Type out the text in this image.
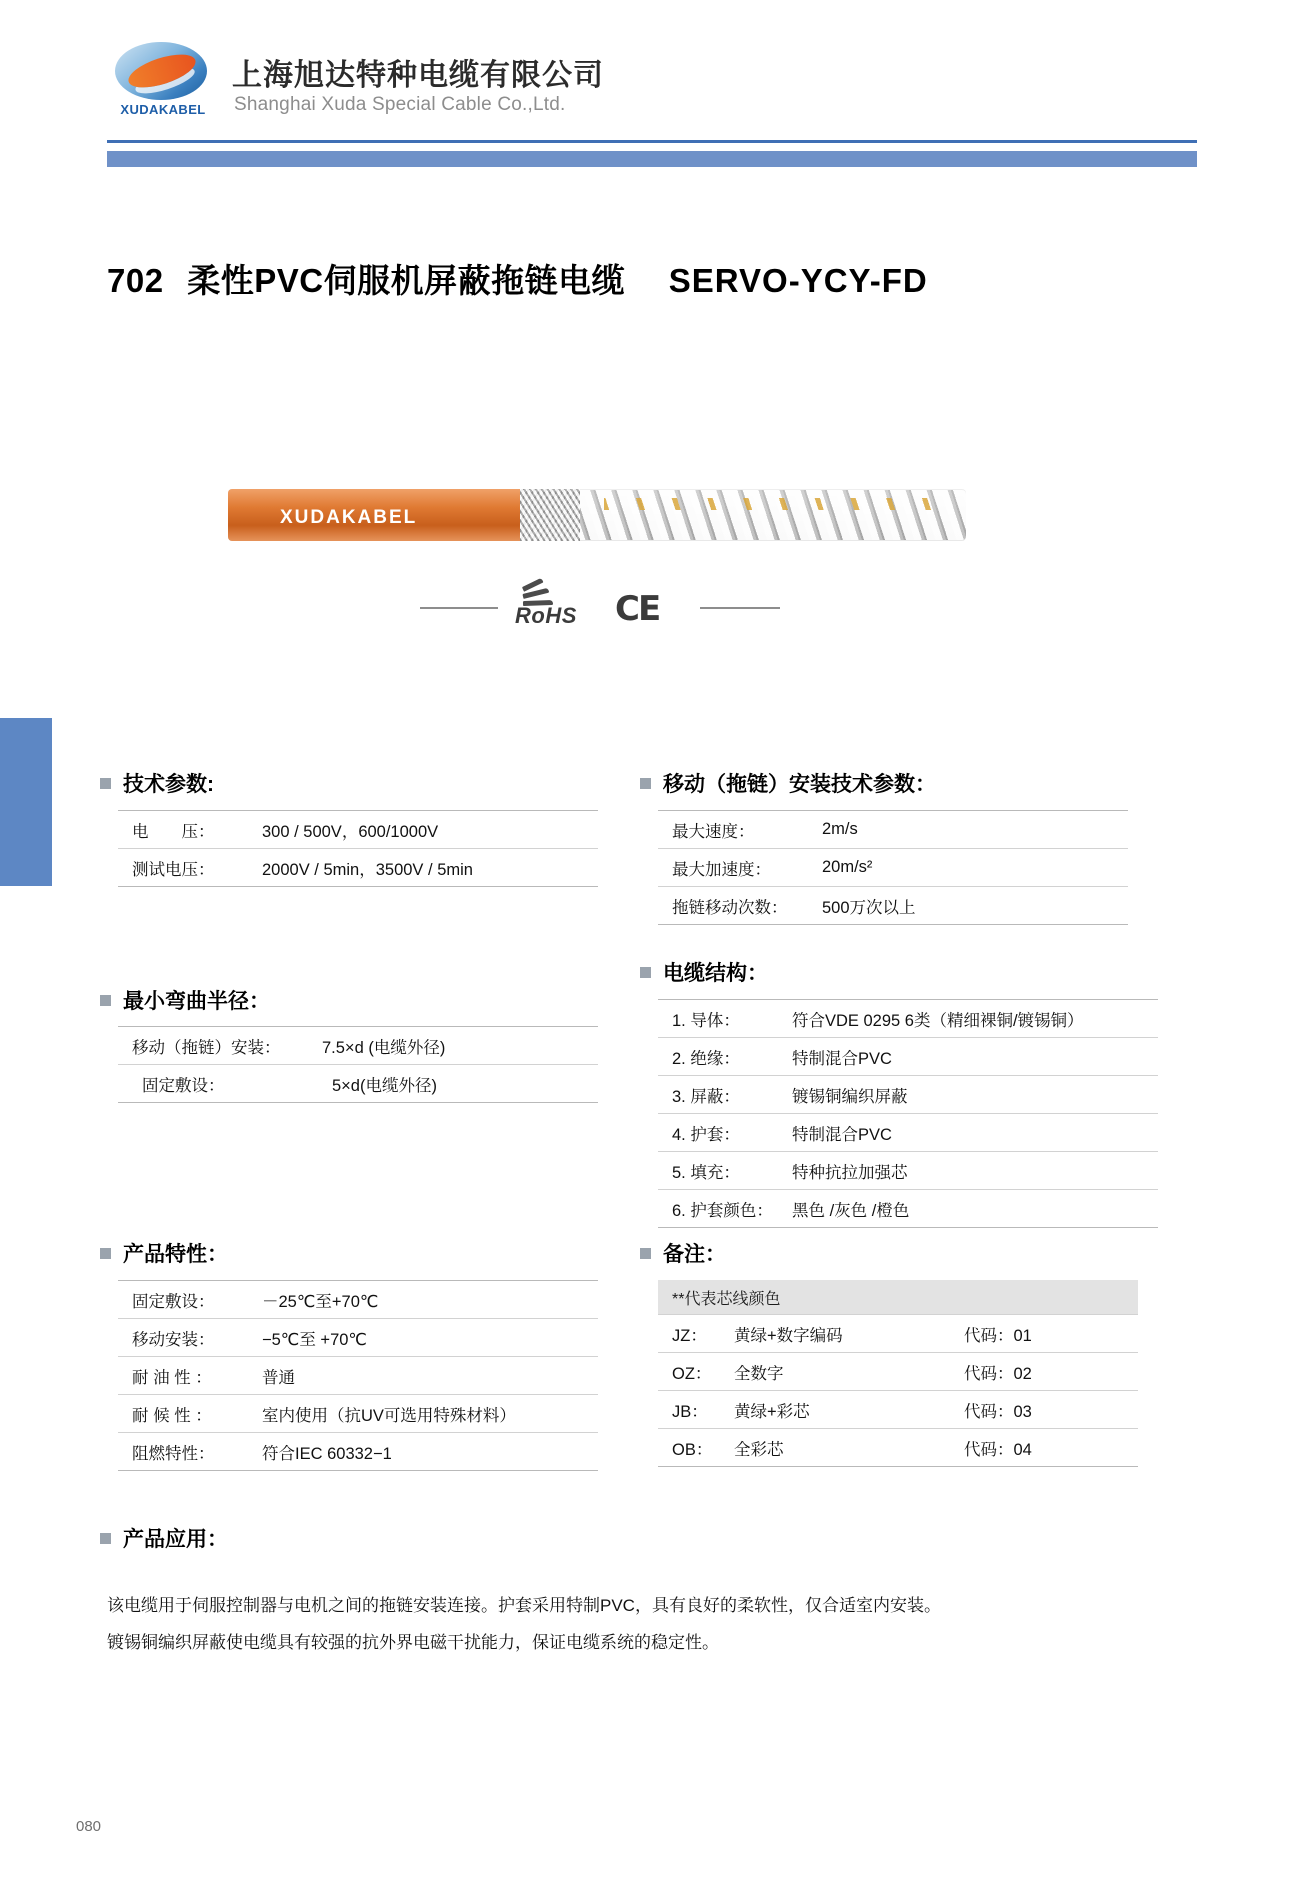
XUDAKABEL
上海旭达特种电缆有限公司
Shanghai Xuda Special Cable Co.,Ltd.
702 柔性PVC伺服机屏蔽拖链电缆 SERVO-YCY-FD
XUDAKABEL
RoHS CE
技术参数:
电　　压：	300 / 500V，600/1000V
测试电压：	2000V / 5min，3500V / 5min
最小弯曲半径：
移动（拖链）安装：	7.5×d (电缆外径)
固定敷设：	5×d(电缆外径)
产品特性：
固定敷设：	－25℃至+70℃
移动安装：	−5℃至 +70℃
耐 油 性 ：	普通
耐 候 性 ：	室内使用（抗UV可选用特殊材料）
阻燃特性：	符合IEC 60332−1
移动（拖链）安装技术参数：
最大速度：	2m/s
最大加速度：	20m/s²
拖链移动次数：	500万次以上
电缆结构：
1. 导体：	符合VDE 0295 6类（精细裸铜/镀锡铜）
2. 绝缘：	特制混合PVC
3. 屏蔽：	镀锡铜编织屏蔽
4. 护套：	特制混合PVC
5. 填充：	特种抗拉加强芯
6. 护套颜色：	黑色 /灰色 /橙色
备注：
**代表芯线颜色
JZ：	黄绿+数字编码	代码：01
OZ：	全数字	代码：02
JB：	黄绿+彩芯	代码：03
OB：	全彩芯	代码：04
产品应用：
该电缆用于伺服控制器与电机之间的拖链安装连接。护套采用特制PVC，具有良好的柔软性，仅合适室内安装。
镀锡铜编织屏蔽使电缆具有较强的抗外界电磁干扰能力，保证电缆系统的稳定性。
080
